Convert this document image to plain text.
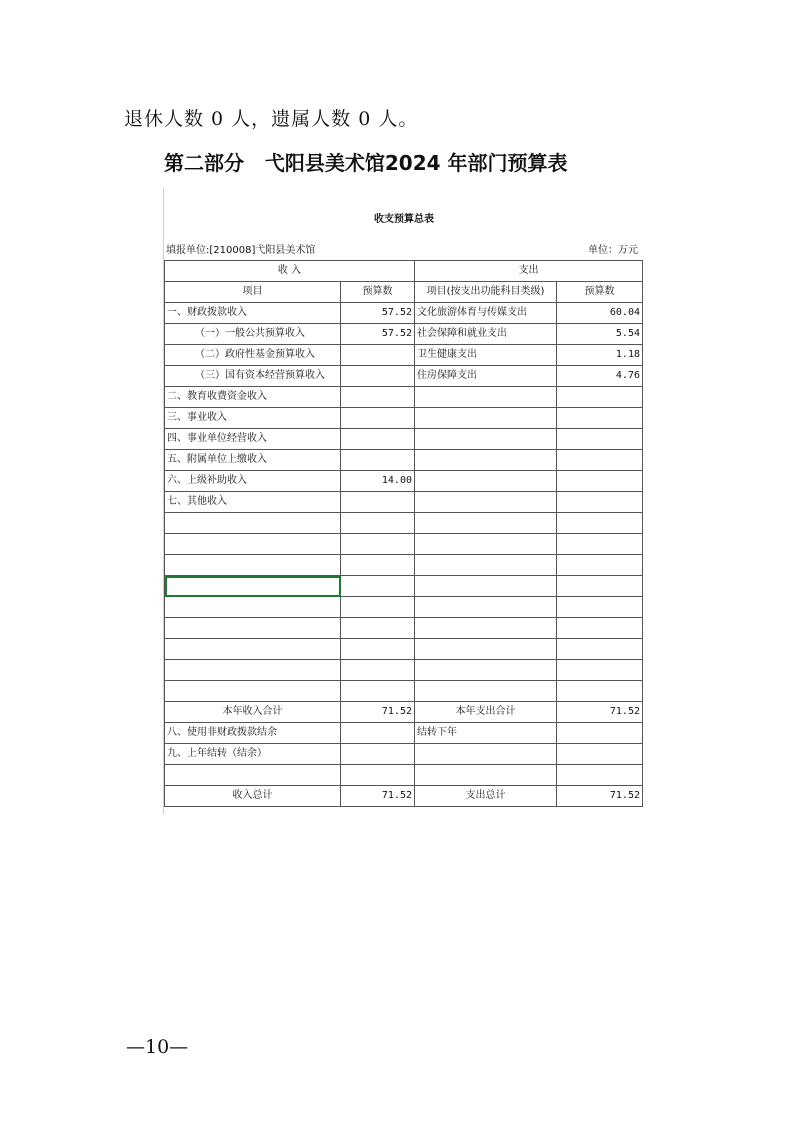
退休人数 0 人，遗属人数 0 人。
第二部分   弋阳县美术馆2024 年部门预算表
收支预算总表
填报单位:[210008]弋阳县美术馆	单位：万元
收 入		支出	
项目	预算数	项目(按支出功能科目类级)	预算数
一、财政拨款收入	57.52	文化旅游体育与传媒支出	60.04
（一）一般公共预算收入	57.52	社会保障和就业支出	5.54
（二）政府性基金预算收入		卫生健康支出	1.18
（三）国有资本经营预算收入		住房保障支出	4.76
二、教育收费资金收入			
三、事业收入			
四、事业单位经营收入			
五、附属单位上缴收入			
六、上级补助收入	14.00		
七、其他收入			

本年收入合计	71.52	本年支出合计	71.52
八、使用非财政拨款结余		结转下年	
九、上年结转（结余）			

收入总计	71.52	支出总计	71.52
—10—
